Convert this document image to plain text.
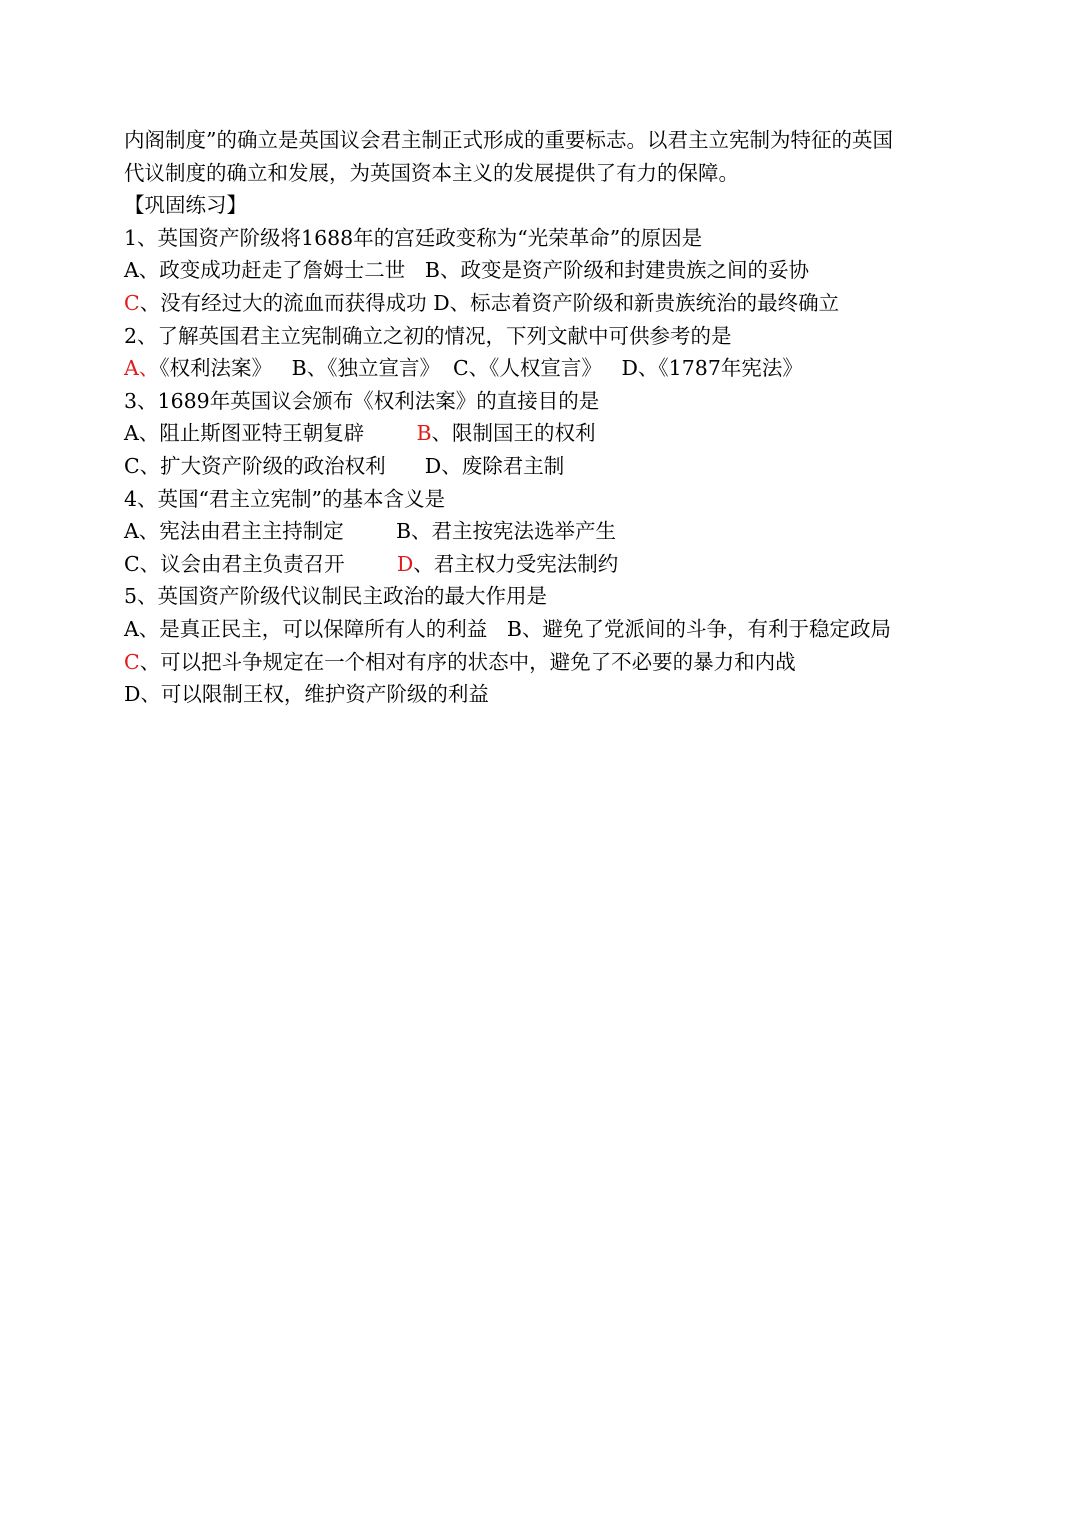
内阁制度”的确立是英国议会君主制正式形成的重要标志。以君主立宪制为特征的英国
代议制度的确立和发展，为英国资本主义的发展提供了有力的保障。
【巩固练习】
1、英国资产阶级将1688年的宫廷政变称为“光荣革命”的原因是
A、政变成功赶走了詹姆士二世 B、政变是资产阶级和封建贵族之间的妥协
C、没有经过大的流血而获得成功 D、标志着资产阶级和新贵族统治的最终确立
2、了解英国君主立宪制确立之初的情况，下列文献中可供参考的是
A、《权利法案》 B、《独立宣言》 C、《人权宣言》 D、《1787年宪法》
3、1689年英国议会颁布《权利法案》的直接目的是
A、阻止斯图亚特王朝复辟	B、限制国王的权利
C、扩大资产阶级的政治权利 D、废除君主制
4、英国“君主立宪制”的基本含义是
A、宪法由君主主持制定	B、君主按宪法选举产生
C、议会由君主负责召开	D、君主权力受宪法制约
5、英国资产阶级代议制民主政治的最大作用是
A、是真正民主，可以保障所有人的利益 B、避免了党派间的斗争，有利于稳定政局
C、可以把斗争规定在一个相对有序的状态中，避免了不必要的暴力和内战
D、可以限制王权，维护资产阶级的利益
